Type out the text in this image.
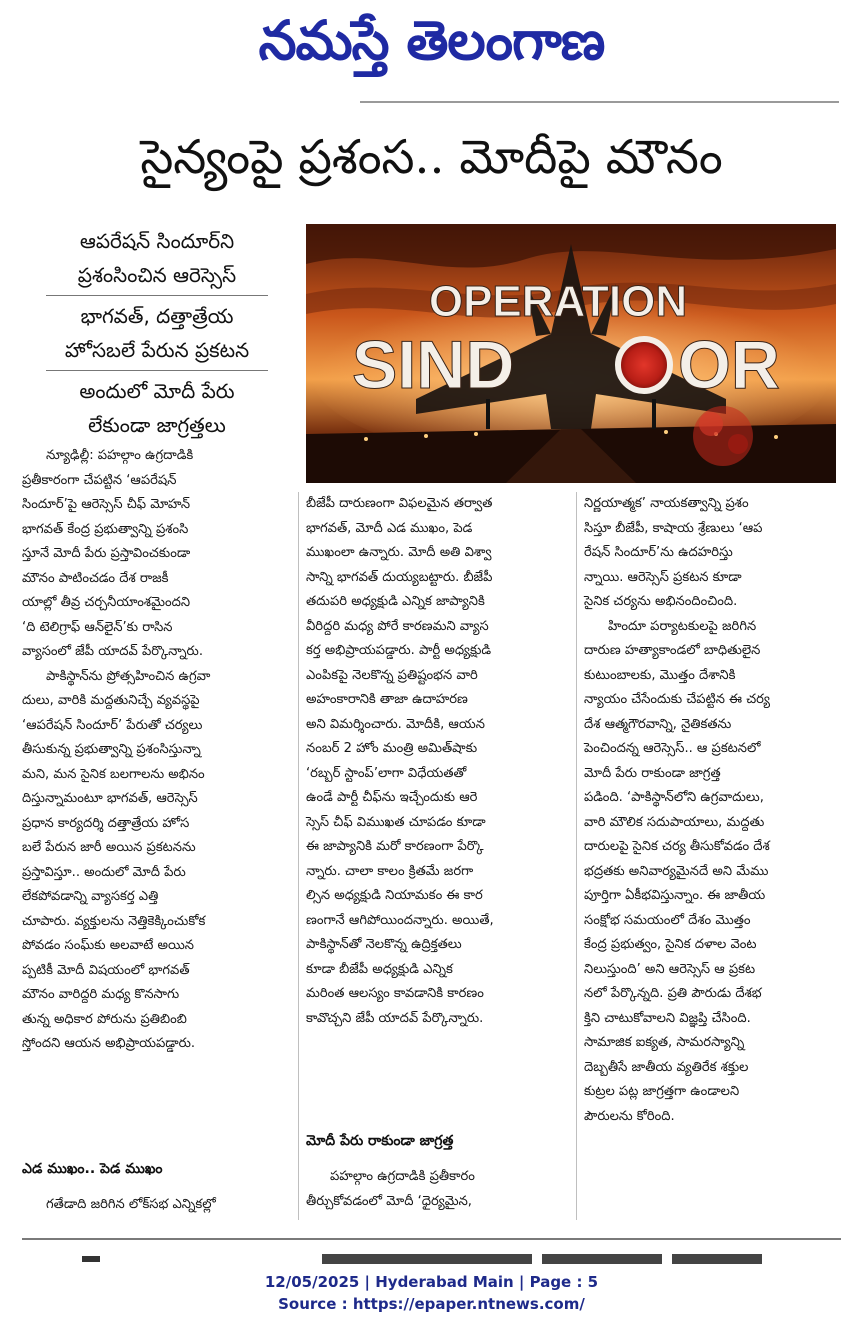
నమస్తే తెలంగాణ
సైన్యంపై ప్రశంస.. మోదీపై మౌనం
ఆపరేషన్ సిందూర్‌ని
ప్రశంసించిన ఆరెస్సెస్
భాగవత్, దత్తాత్రేయ
హోసబలే పేరున ప్రకటన
అందులో మోదీ పేరు
లేకుండా జాగ్రత్తలు
OPERATION
SIND OR
న్యూఢిల్లీ: పహల్గాం ఉగ్రదాడికి
ప్రతీకారంగా చేపట్టిన ‘ఆపరేషన్
సిందూర్’పై ఆరెస్సెస్ చీఫ్ మోహన్
భాగవత్ కేంద్ర ప్రభుత్వాన్ని ప్రశంసి
స్తూనే మోదీ పేరు ప్రస్తావించకుండా
మౌనం పాటించడం దేశ రాజకీ
యాల్లో తీవ్ర చర్చనీయాంశమైందని
‘ది టెలిగ్రాఫ్ ఆన్‌లైన్’కు రాసిన
వ్యాసంలో జేపీ యాదవ్ పేర్కొన్నారు.
పాకిస్థాన్‌ను ప్రోత్సహించిన ఉగ్రవా
దులు, వారికి మద్దతునిచ్చే వ్యవస్థపై
‘ఆపరేషన్ సిందూర్’ పేరుతో చర్యలు
తీసుకున్న ప్రభుత్వాన్ని ప్రశంసిస్తున్నా
మని, మన సైనిక బలగాలను అభినం
దిస్తున్నామంటూ భాగవత్, ఆరెస్సెస్
ప్రధాన కార్యదర్శి దత్తాత్రేయ హోస
బలే పేరున జారీ అయిన ప్రకటనను
ప్రస్తావిస్తూ.. అందులో మోదీ పేరు
లేకపోవడాన్ని వ్యాసకర్త ఎత్తి
చూపారు. వ్యక్తులను నెత్తికెక్కించుకోక
పోవడం సంఘ్‌కు అలవాటే అయిన
ప్పటికీ మోదీ విషయంలో భాగవత్
మౌనం వారిద్దరి మధ్య కొనసాగు
తున్న అధికార పోరును ప్రతిబింబి
స్తోందని ఆయన అభిప్రాయపడ్డారు.
ఎడ ముఖం.. పెడ ముఖం
గతేడాది జరిగిన లోక్‌సభ ఎన్నికల్లో
బీజేపీ దారుణంగా విఫలమైన తర్వాత
భాగవత్, మోదీ ఎడ ముఖం, పెడ
ముఖంలా ఉన్నారు. మోదీ అతి విశ్వా
సాన్ని భాగవత్ దుయ్యబట్టారు. బీజేపీ
తదుపరి అధ్యక్షుడి ఎన్నిక జాప్యానికి
వీరిద్దరి మధ్య పోరే కారణమని వ్యాస
కర్త అభిప్రాయపడ్డారు. పార్టీ అధ్యక్షుడి
ఎంపికపై నెలకొన్న ప్రతిష్టంభన వారి
అహంకారానికి తాజా ఉదాహరణ
అని విమర్శించారు. మోదీకి, ఆయన
నంబర్ 2 హోం మంత్రి అమిత్‌షాకు
‘రబ్బర్ స్టాంప్’లాగా విధేయతతో
ఉండే పార్టీ చీఫ్‌ను ఇచ్చేందుకు ఆరె
స్సెస్ చీఫ్ విముఖత చూపడం కూడా
ఈ జాప్యానికి మరో కారణంగా పేర్కొ
న్నారు. చాలా కాలం క్రితమే జరగా
ల్సిన అధ్యక్షుడి నియామకం ఈ కార
ణంగానే ఆగిపోయిందన్నారు. అయితే,
పాకిస్థాన్‌తో నెలకొన్న ఉద్రిక్తతలు
కూడా బీజేపీ అధ్యక్షుడి ఎన్నిక
మరింత ఆలస్యం కావడానికి కారణం
కావొచ్చని జేపీ యాదవ్ పేర్కొన్నారు.
మోదీ పేరు రాకుండా జాగ్రత్త
పహల్గాం ఉగ్రదాడికి ప్రతీకారం
తీర్చుకోవడంలో మోదీ ‘ధైర్యమైన,
నిర్ణయాత్మక’ నాయకత్వాన్ని ప్రశం
సిస్తూ బీజేపీ, కాషాయ శ్రేణులు ‘ఆప
రేషన్ సిందూర్’ను ఉదహరిస్తు
న్నాయి. ఆరెస్సెస్ ప్రకటన కూడా
సైనిక చర్యను అభినందించింది.
హిందూ పర్యాటకులపై జరిగిన
దారుణ హత్యాకాండలో బాధితులైన
కుటుంబాలకు, మొత్తం దేశానికి
న్యాయం చేసేందుకు చేపట్టిన ఈ చర్య
దేశ ఆత్మగౌరవాన్ని, నైతికతను
పెంచిందన్న ఆరెస్సెస్.. ఆ ప్రకటనలో
మోదీ పేరు రాకుండా జాగ్రత్త
పడింది. ‘పాకిస్థాన్‌లోని ఉగ్రవాదులు,
వారి మౌలిక సదుపాయాలు, మద్దతు
దారులపై సైనిక చర్య తీసుకోవడం దేశ
భద్రతకు అనివార్యమైనదే అని మేము
పూర్తిగా ఏకీభవిస్తున్నాం. ఈ జాతీయ
సంక్షోభ సమయంలో దేశం మొత్తం
కేంద్ర ప్రభుత్వం, సైనిక దళాల వెంట
నిలుస్తుంది’ అని ఆరెస్సెస్ ఆ ప్రకట
నలో పేర్కొన్నది. ప్రతి పౌరుడు దేశభ
క్తిని చాటుకోవాలని విజ్ఞప్తి చేసింది.
సామాజిక ఐక్యత, సామరస్యాన్ని
దెబ్బతీసే జాతీయ వ్యతిరేక శక్తుల
కుట్రల పట్ల జాగ్రత్తగా ఉండాలని
పౌరులను కోరింది.
12/05/2025 | Hyderabad Main | Page : 5
Source : https://epaper.ntnews.com/
